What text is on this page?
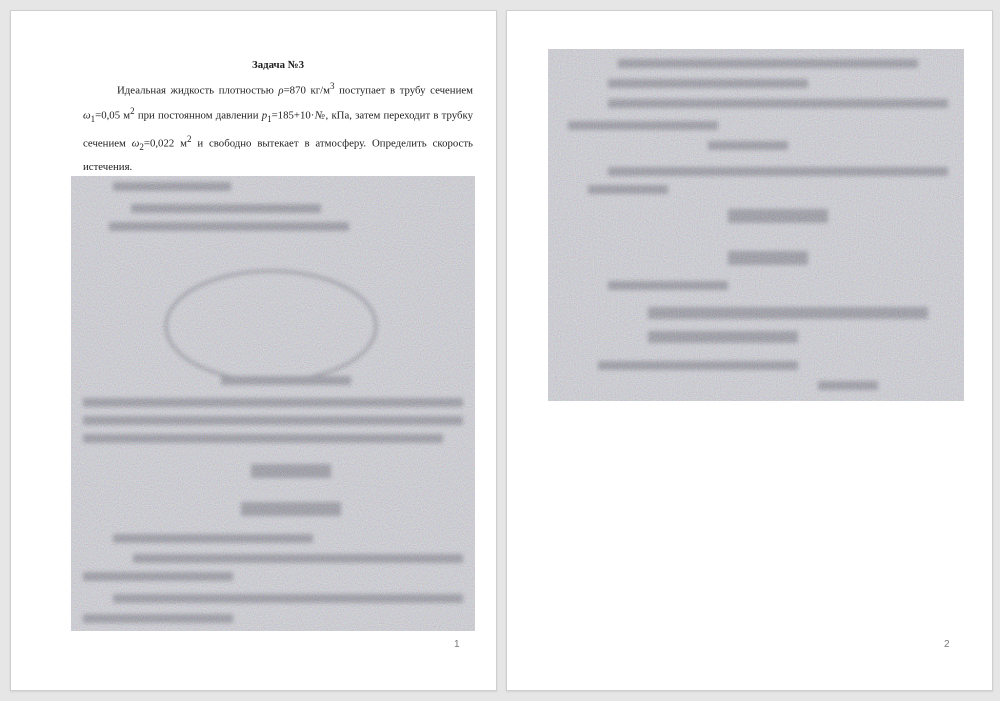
Задача №3

Идеальная жидкость плотностью ρ=870 $кг/м^3$ поступает в трубу сечением $\omega_1=0,05$ $м^2$ при постоянном давлении $p_1=185+10\cdot№$, кПа, затем переходит в трубку сечением $\omega_2=0,022$ $м^2$ и свободно вытекает в атмосферу. Определить скорость истечения.

1	2
